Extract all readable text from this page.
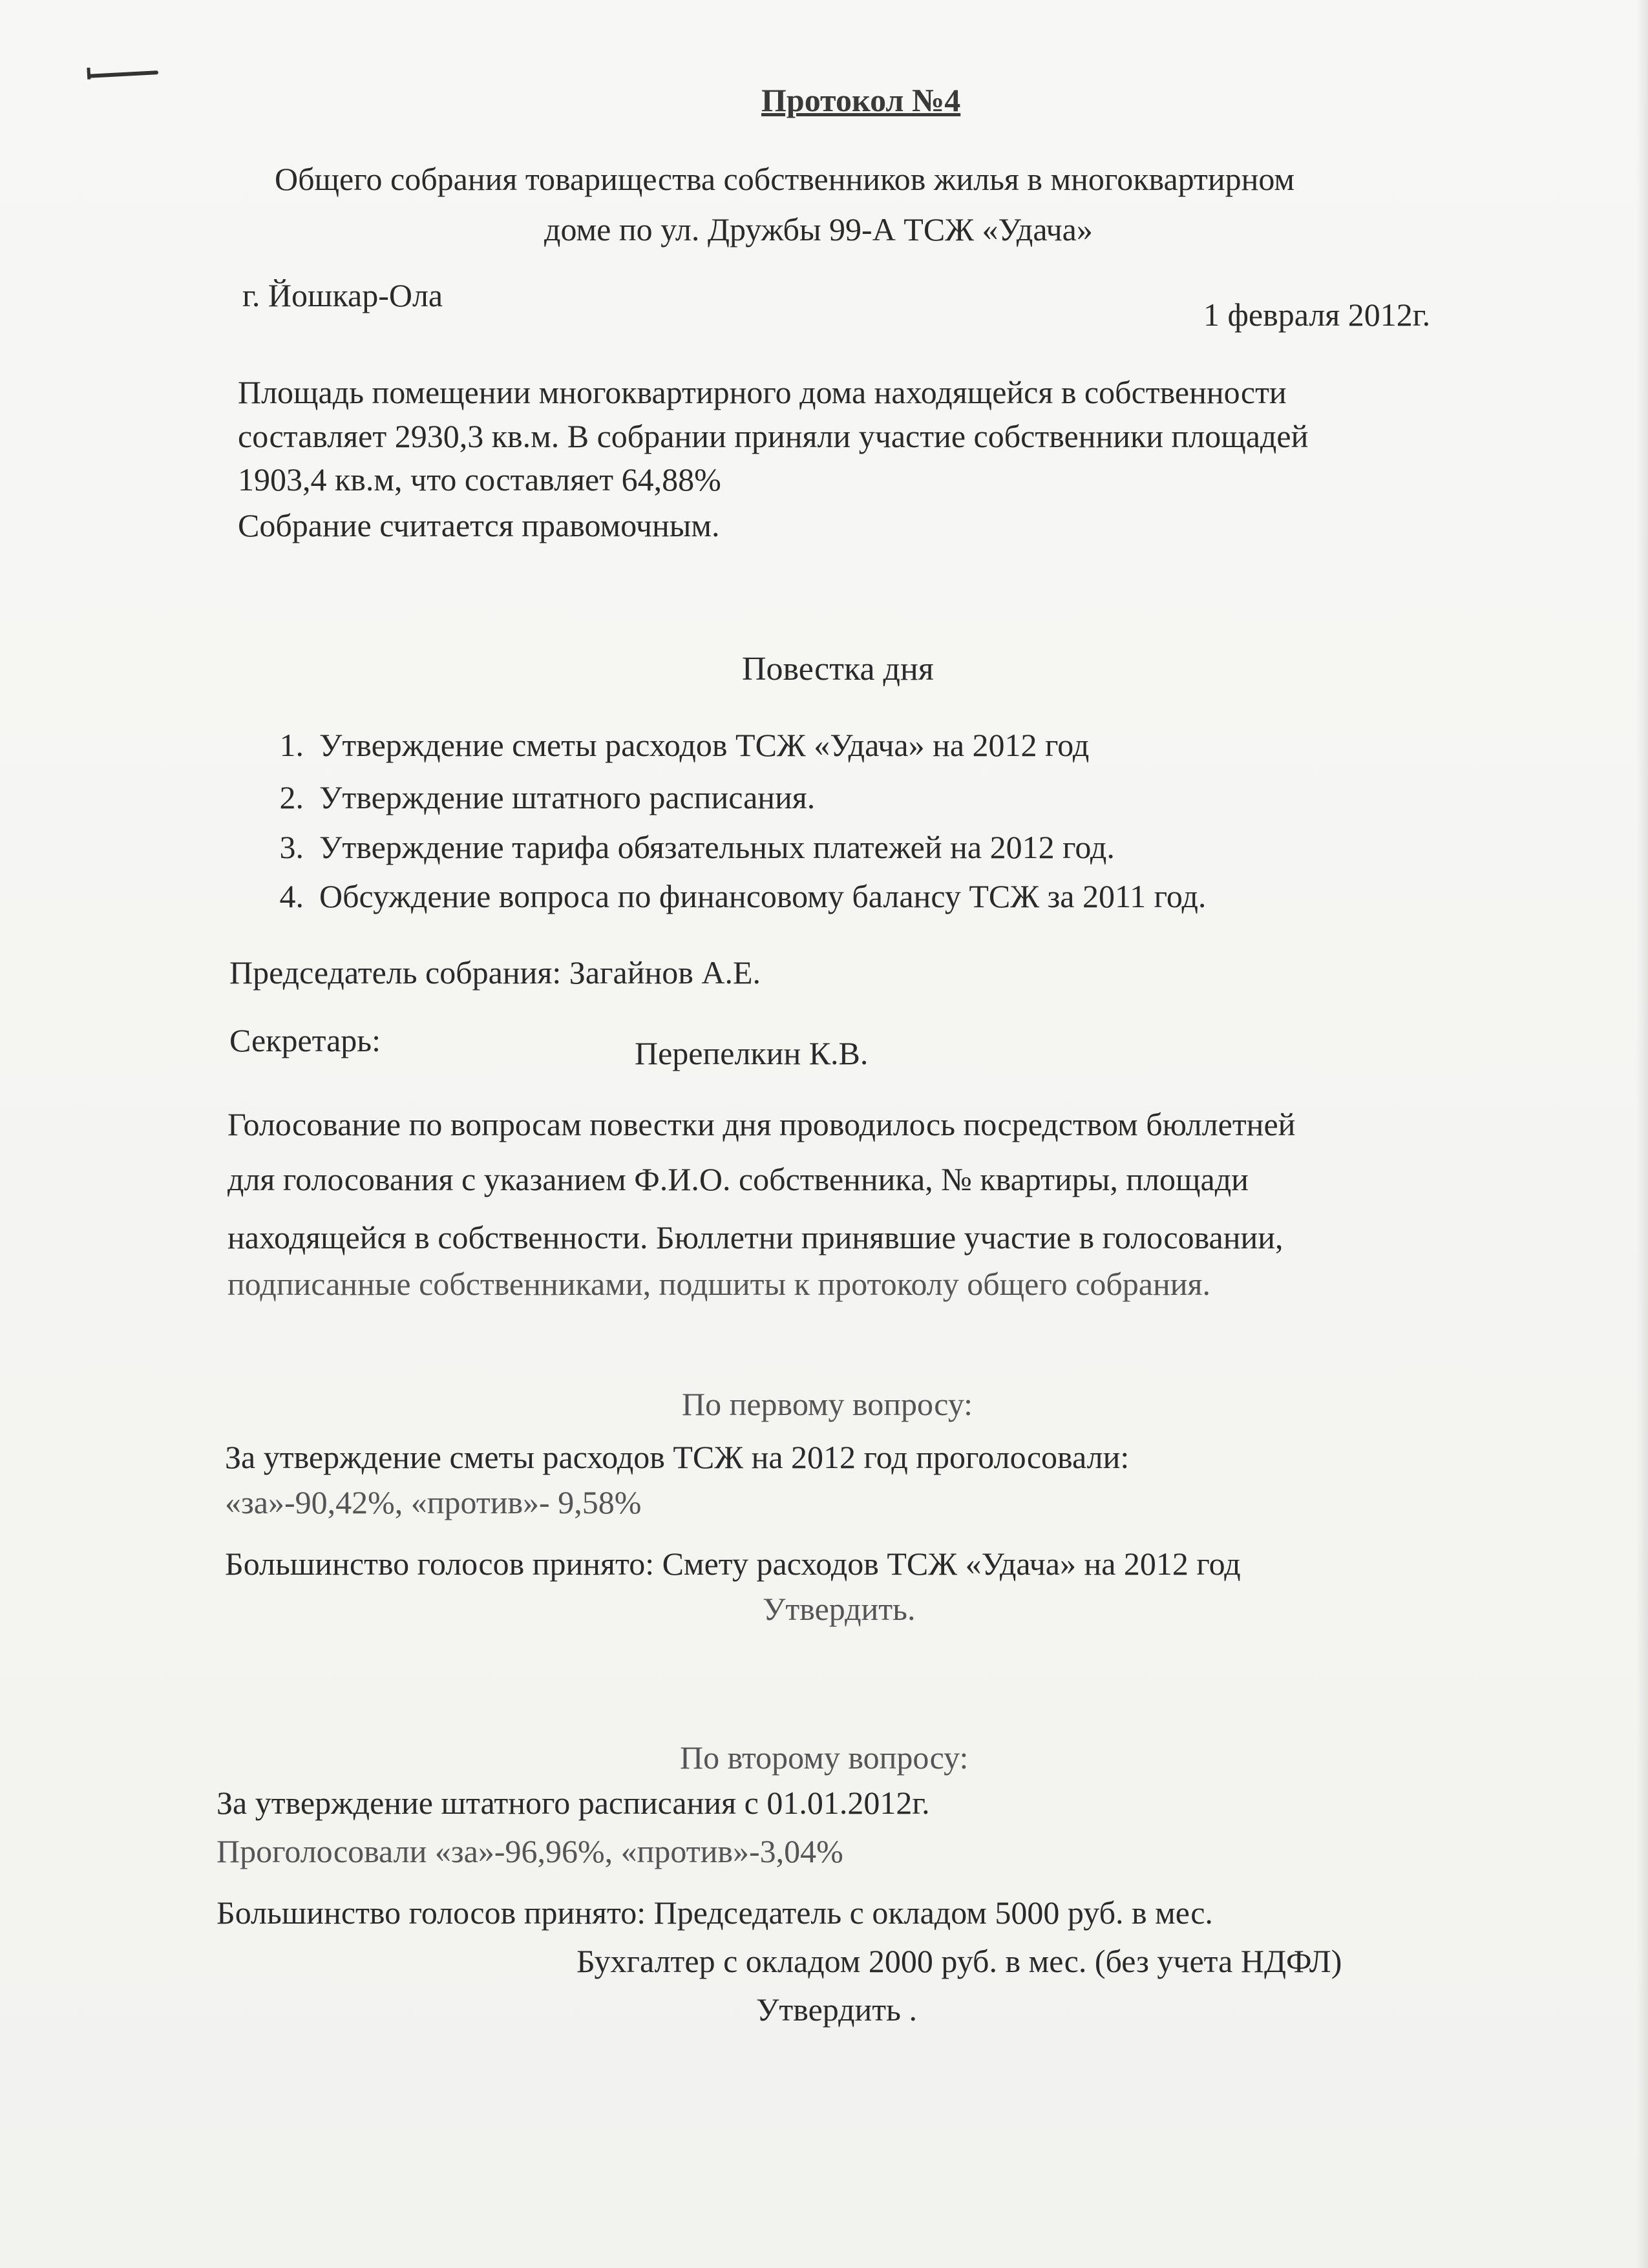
Протокол №4
Общего собрания товарищества собственников жилья в многоквартирном
доме по ул. Дружбы 99-А ТСЖ «Удача»
г. Йошкар-Ола
1 февраля 2012г.
Площадь помещении многоквартирного дома находящейся в собственности
составляет 2930,3 кв.м. В собрании приняли участие собственники площадей
1903,4 кв.м, что составляет 64,88%
Собрание считается правомочным.
Повестка дня
1. Утверждение сметы расходов ТСЖ «Удача» на 2012 год
2. Утверждение штатного расписания.
3. Утверждение тарифа обязательных платежей на 2012 год.
4. Обсуждение вопроса по финансовому балансу ТСЖ за 2011 год.
Председатель собрания: Загайнов А.Е.
Секретарь:	Перепелкин К.В.
Голосование по вопросам повестки дня проводилось посредством бюллетней
для голосования с указанием Ф.И.О. собственника, № квартиры, площади
находящейся в собственности. Бюллетни принявшие участие в голосовании,
подписанные собственниками, подшиты к протоколу общего собрания.
По первому вопросу:
За утверждение сметы расходов ТСЖ на 2012 год проголосовали:
«за»-90,42%, «против»- 9,58%
Большинство голосов принято: Смету расходов ТСЖ «Удача» на 2012 год
Утвердить.
По второму вопросу:
За утверждение штатного расписания с 01.01.2012г.
Проголосовали «за»-96,96%, «против»-3,04%
Большинство голосов принято: Председатель с окладом 5000 руб. в мес.
Бухгалтер с окладом 2000 руб. в мес. (без учета НДФЛ)
Утвердить .
